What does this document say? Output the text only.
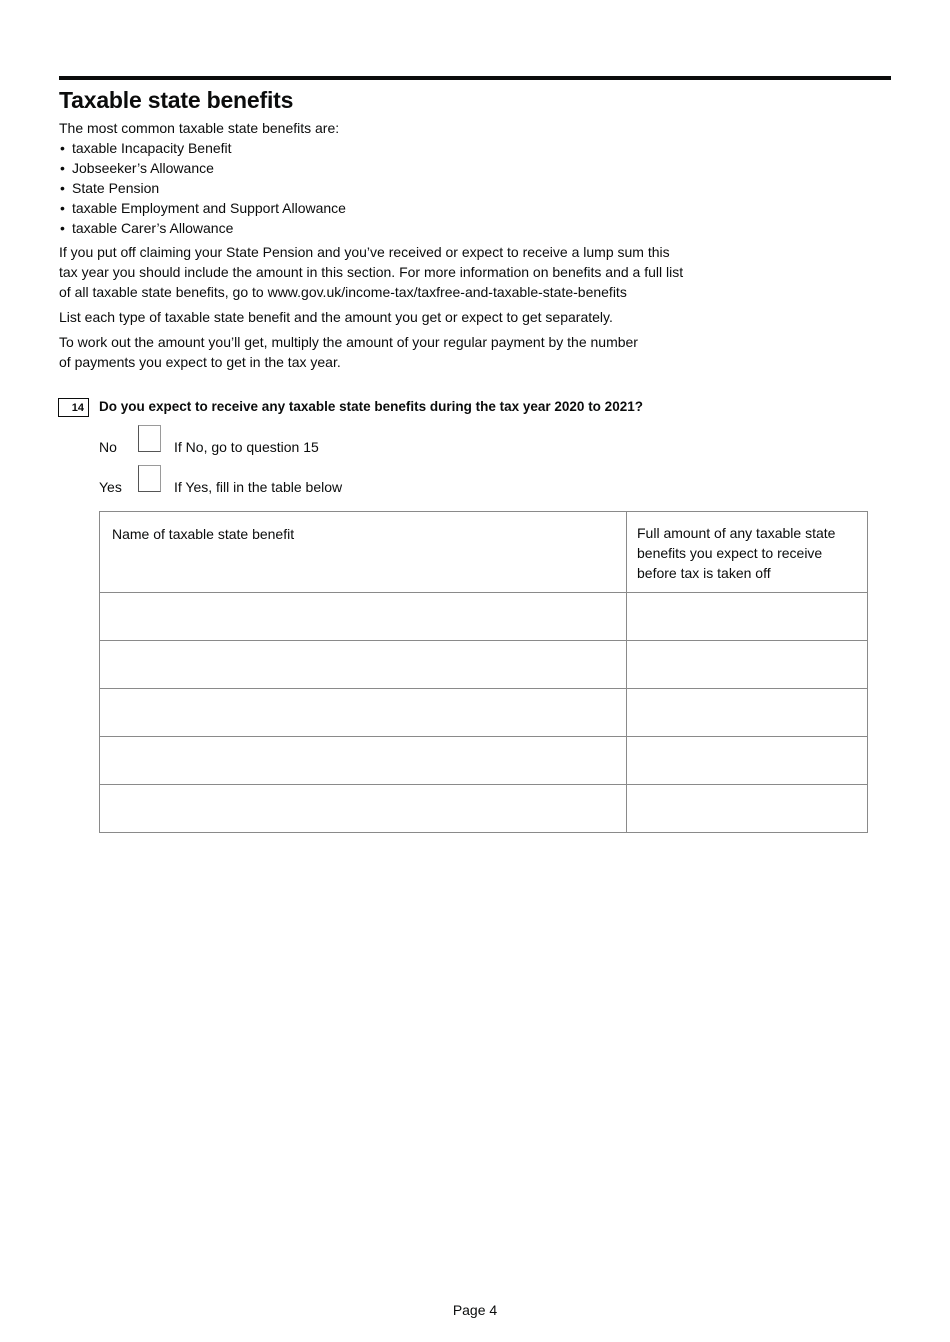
Taxable state benefits

The most common taxable state benefits are:

• taxable Incapacity Benefit
• Jobseeker’s Allowance
• State Pension
• taxable Employment and Support Allowance
• taxable Carer’s Allowance
If you put off claiming your State Pension and you’ve received or expect to receive a lump sum this
tax year you should include the amount in this section. For more information on benefits and a full list
of all taxable state benefits, go to www.gov.uk/income-tax/taxfree-and-taxable-state-benefits

List each type of taxable state benefit and the amount you get or expect to get separately.

To work out the amount you’ll get, multiply the amount of your regular payment by the number
of payments you expect to get in the tax year.
14	Do you expect to receive any taxable state benefits during the tax year 2020 to 2021?
No	If No, go to question 15
Yes	If Yes, fill in the table below
Name of taxable state benefit	Full amount of any taxable state
benefits you expect to receive
before tax is taken off

Page 4
